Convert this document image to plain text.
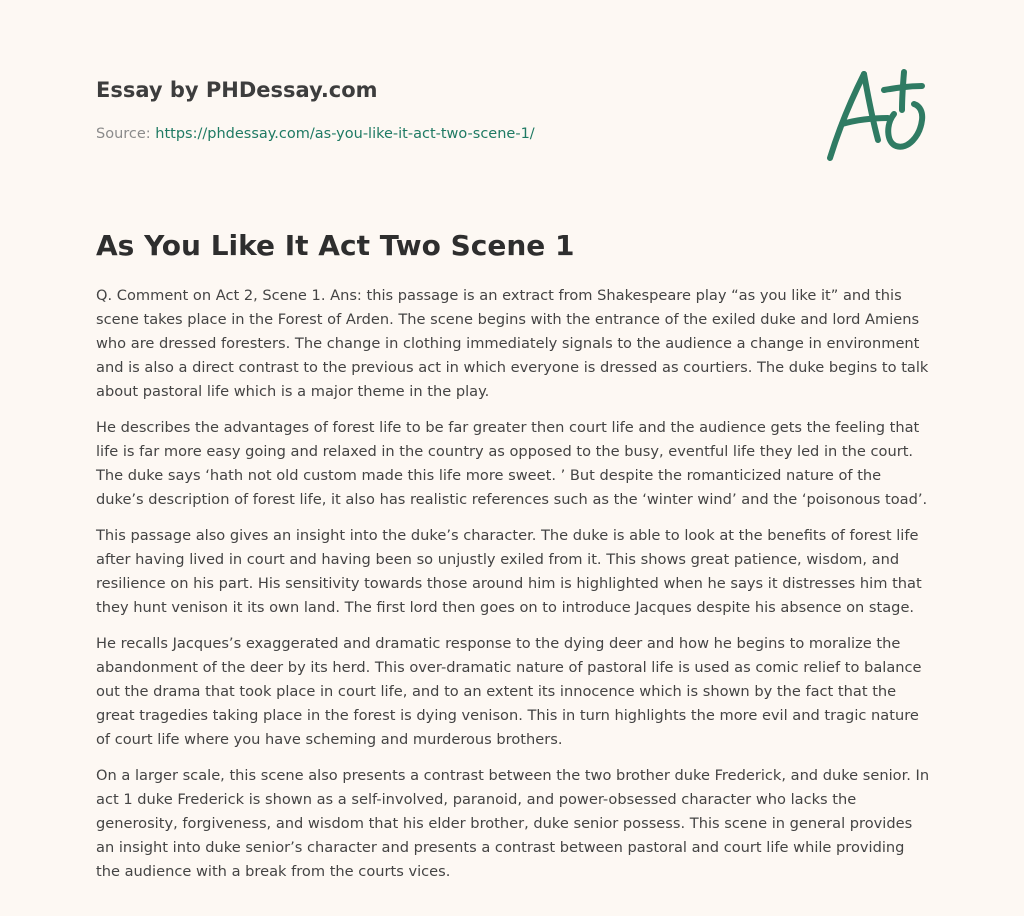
Essay by PHDessay.com
Source: https://phdessay.com/as-you-like-it-act-two-scene-1/
As You Like It Act Two Scene 1

Q. Comment on Act 2, Scene 1. Ans: this passage is an extract from Shakespeare play “as you like it” and this scene takes place in the Forest of Arden. The scene begins with the entrance of the exiled duke and lord Amiens who are dressed foresters. The change in clothing immediately signals to the audience a change in environment and is also a direct contrast to the previous act in which everyone is dressed as courtiers. The duke begins to talk about pastoral life which is a major theme in the play.

He describes the advantages of forest life to be far greater then court life and the audience gets the feeling that life is far more easy going and relaxed in the country as opposed to the busy, eventful life they led in the court. The duke says ‘hath not old custom made this life more sweet. ’ But despite the romanticized nature of the duke’s description of forest life, it also has realistic references such as the ‘winter wind’ and the ‘poisonous toad’.

This passage also gives an insight into the duke’s character. The duke is able to look at the benefits of forest life after having lived in court and having been so unjustly exiled from it. This shows great patience, wisdom, and resilience on his part. His sensitivity towards those around him is highlighted when he says it distresses him that they hunt venison it its own land. The first lord then goes on to introduce Jacques despite his absence on stage.

He recalls Jacques’s exaggerated and dramatic response to the dying deer and how he begins to moralize the abandonment of the deer by its herd. This over-dramatic nature of pastoral life is used as comic relief to balance out the drama that took place in court life, and to an extent its innocence which is shown by the fact that the great tragedies taking place in the forest is dying venison. This in turn highlights the more evil and tragic nature of court life where you have scheming and murderous brothers.

On a larger scale, this scene also presents a contrast between the two brother duke Frederick, and duke senior. In act 1 duke Frederick is shown as a self-involved, paranoid, and power-obsessed character who lacks the generosity, forgiveness, and wisdom that his elder brother, duke senior possess. This scene in general provides an insight into duke senior’s character and presents a contrast between pastoral and court life while providing the audience with a break from the courts vices.
